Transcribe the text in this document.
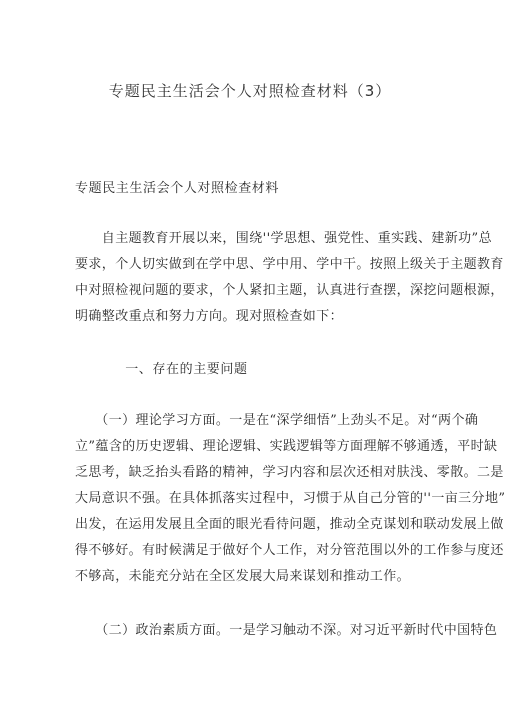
专题民主生活会个人对照检查材料（3）
专题民主生活会个人对照检查材料
　　自主题教育开展以来，围绕''学思想、强党性、重实践、建新功”总
要求，个人切实做到在学中思、学中用、学中干。按照上级关于主题教育
中对照检视问题的要求，个人紧扣主题，认真进行查摆，深挖问题根源，
明确整改重点和努力方向。现对照检查如下：
　　一、存在的主要问题
　　（一）理论学习方面。一是在“深学细悟”上劲头不足。对“两个确
立”蕴含的历史逻辑、理论逻辑、实践逻辑等方面理解不够通透，平时缺
乏思考，缺乏抬头看路的精神，学习内容和层次还相对肤浅、零散。二是
大局意识不强。在具体抓落实过程中，习惯于从自己分管的''一亩三分地”
出发，在运用发展且全面的眼光看待问题，推动全克谋划和联动发展上做
得不够好。有时候满足于做好个人工作，对分管范围以外的工作参与度还
不够高，未能充分站在全区发展大局来谋划和推动工作。
　　（二）政治素质方面。一是学习触动不深。对习近平新时代中国特色
